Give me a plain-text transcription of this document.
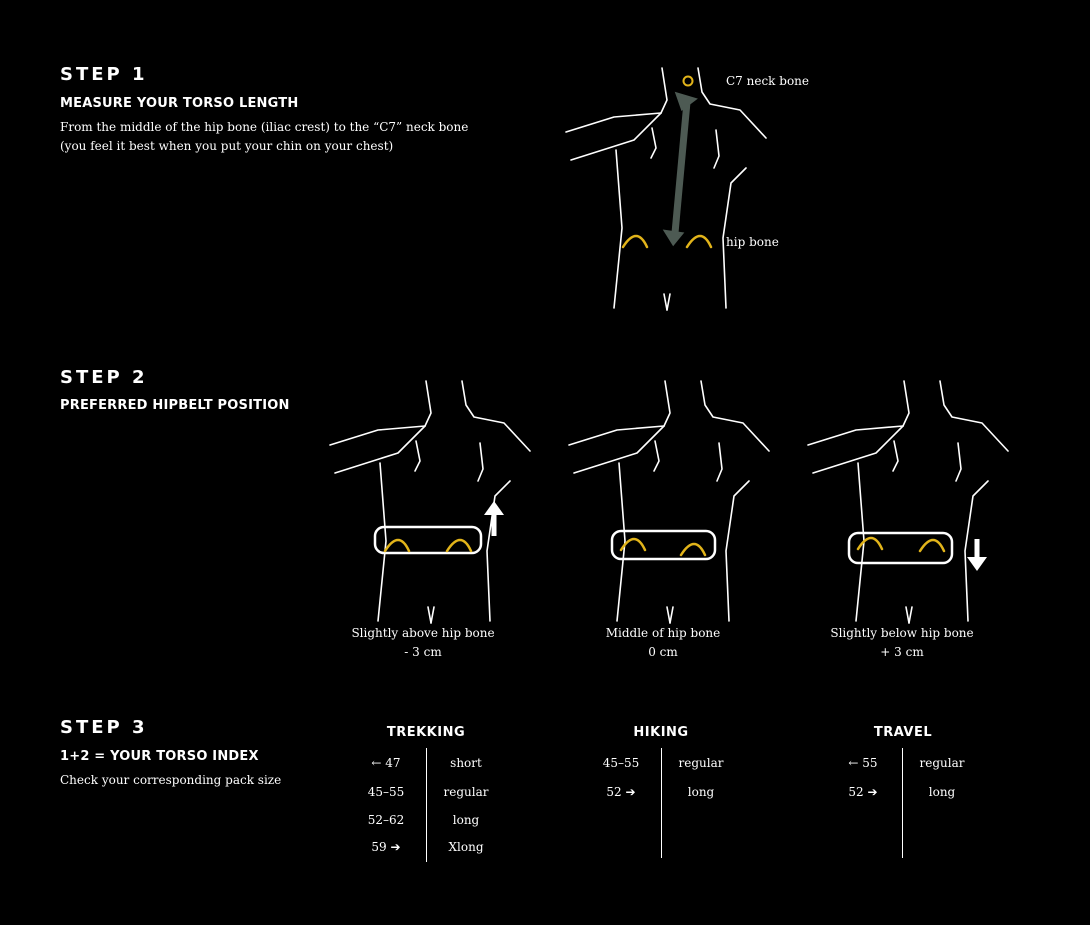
STEP 1
MEASURE YOUR TORSO LENGTH
From the middle of the hip bone (iliac crest) to the “C7” neck bone
(you feel it best when you put your chin on your chest)
C7 neck bone
hip bone
STEP 2
PREFERRED HIPBELT POSITION
Slightly above hip bone
- 3 cm
Middle of hip bone
0 cm
Slightly below hip bone
+ 3 cm
STEP 3
1+2 = YOUR TORSO INDEX
Check your corresponding pack size
TREKKING
← 47	short
45–55	regular
52–62	long
59 ➔	Xlong
HIKING
45–55	regular
52 ➔	long
TRAVEL
← 55	regular
52 ➔	long
